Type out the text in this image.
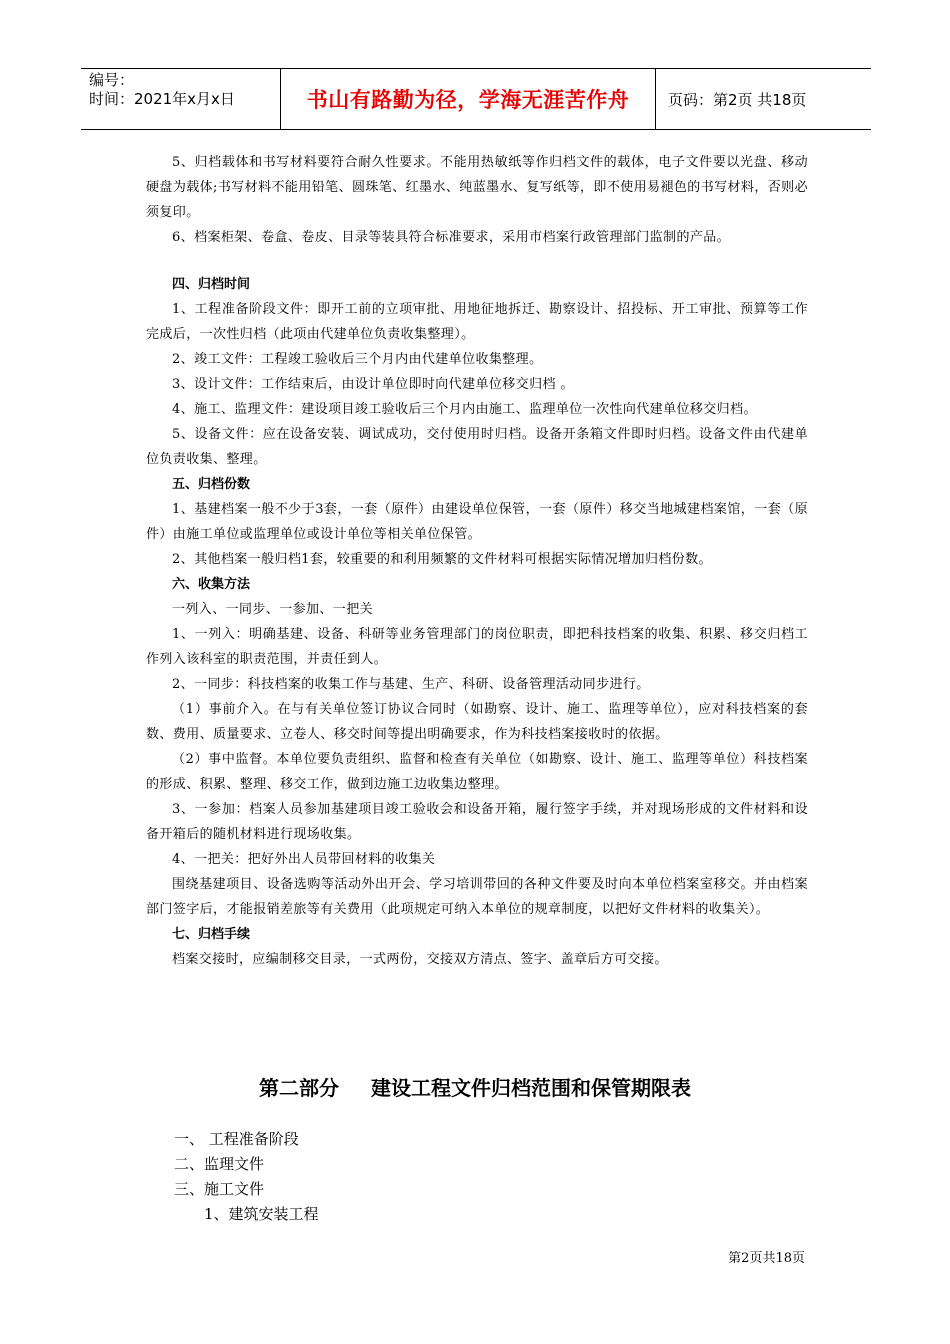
编号：
时间：2021年x月x日	书山有路勤为径，学海无涯苦作舟	页码：第2页 共18页

5、归档载体和书写材料要符合耐久性要求。不能用热敏纸等作归档文件的载体，电子文件要以光盘、移动硬盘为载体;书写材料不能用铅笔、圆珠笔、红墨水、纯蓝墨水、复写纸等，即不使用易褪色的书写材料，否则必须复印。

6、档案柜架、卷盒、卷皮、目录等装具符合标准要求，采用市档案行政管理部门监制的产品。

四、归档时间

1、工程准备阶段文件：即开工前的立项审批、用地征地拆迁、勘察设计、招投标、开工审批、预算等工作完成后，一次性归档（此项由代建单位负责收集整理）。

2、竣工文件：工程竣工验收后三个月内由代建单位收集整理。

3、设计文件：工作结束后，由设计单位即时向代建单位移交归档 。

4、施工、监理文件：建设项目竣工验收后三个月内由施工、监理单位一次性向代建单位移交归档。

5、设备文件：应在设备安装、调试成功，交付使用时归档。设备开条箱文件即时归档。设备文件由代建单位负责收集、整理。

五、归档份数

1、基建档案一般不少于3套，一套（原件）由建设单位保管，一套（原件）移交当地城建档案馆，一套（原件）由施工单位或监理单位或设计单位等相关单位保管。

2、其他档案一般归档1套，较重要的和利用频繁的文件材料可根据实际情况增加归档份数。

六、收集方法

一列入、一同步、一参加、一把关

1、一列入：明确基建、设备、科研等业务管理部门的岗位职责，即把科技档案的收集、积累、移交归档工作列入该科室的职责范围，并责任到人。

2、一同步：科技档案的收集工作与基建、生产、科研、设备管理活动同步进行。

（1）事前介入。在与有关单位签订协议合同时（如勘察、设计、施工、监理等单位），应对科技档案的套数、费用、质量要求、立卷人、移交时间等提出明确要求，作为科技档案接收时的依据。

（2）事中监督。本单位要负责组织、监督和检查有关单位（如勘察、设计、施工、监理等单位）科技档案的形成、积累、整理、移交工作，做到边施工边收集边整理。

3、一参加：档案人员参加基建项目竣工验收会和设备开箱，履行签字手续，并对现场形成的文件材料和设备开箱后的随机材料进行现场收集。

4、一把关：把好外出人员带回材料的收集关

围绕基建项目、设备选购等活动外出开会、学习培训带回的各种文件要及时向本单位档案室移交。并由档案部门签字后，才能报销差旅等有关费用（此项规定可纳入本单位的规章制度，以把好文件材料的收集关）。

七、归档手续

档案交接时，应编制移交目录，一式两份，交接双方清点、签字、盖章后方可交接。

第二部分 建设工程文件归档范围和保管期限表
一、 工程准备阶段
二、监理文件
三、施工文件
1、建筑安装工程
第2页共18页
